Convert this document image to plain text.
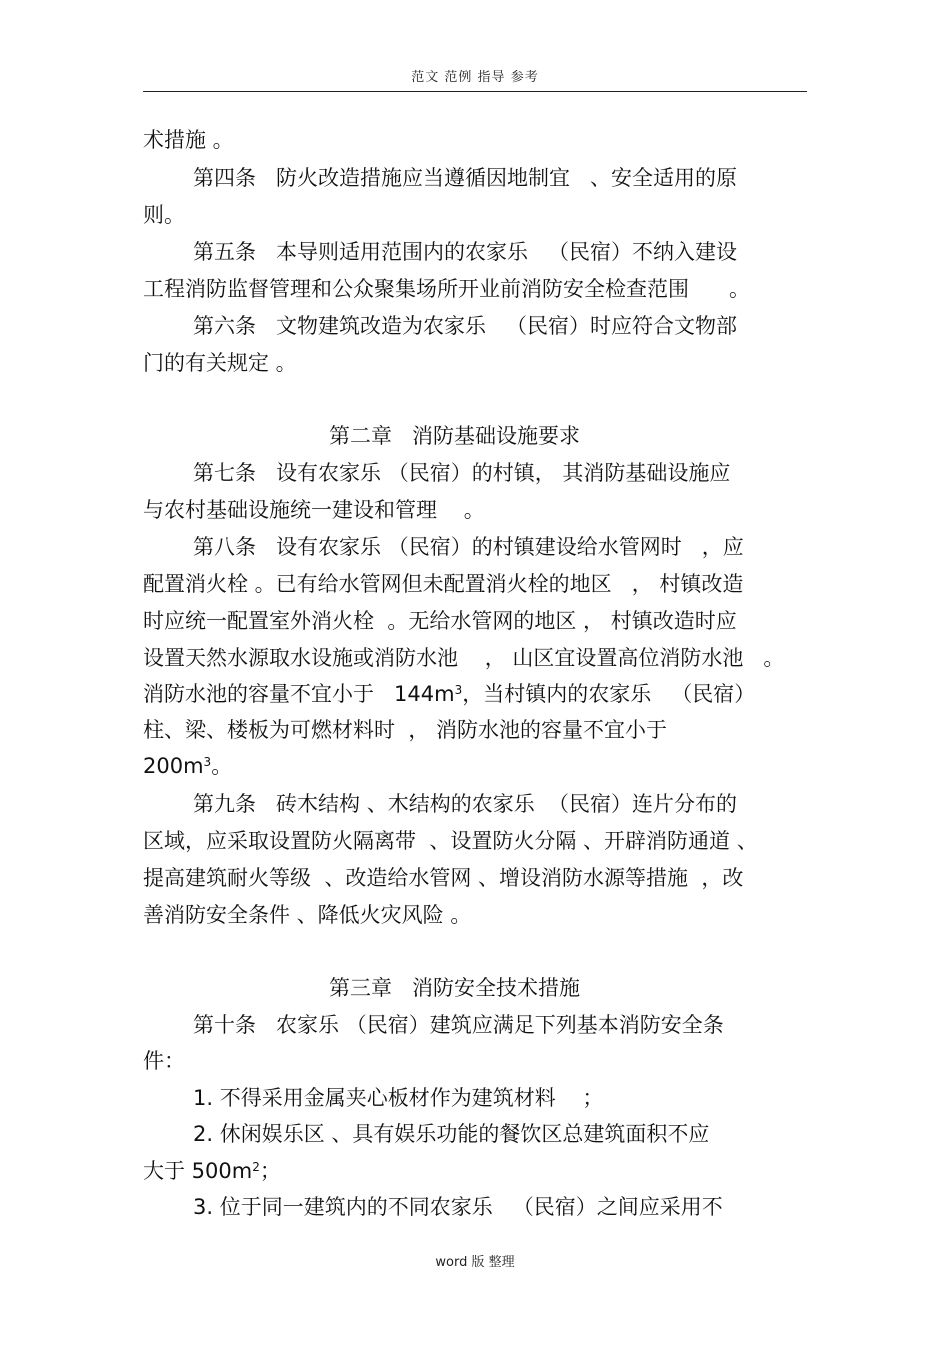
范文 范例 指导 参考
术措施 。
第四条   防火改造措施应当遵循因地制宜   、安全适用的原
则。
第五条   本导则适用范围内的农家乐   （民宿）不纳入建设
工程消防监督管理和公众聚集场所开业前消防安全检查范围      。
第六条   文物建筑改造为农家乐   （民宿）时应符合文物部
门的有关规定 。
第二章   消防基础设施要求
第七条   设有农家乐 （民宿）的村镇， 其消防基础设施应
与农村基础设施统一建设和管理    。
第八条   设有农家乐 （民宿）的村镇建设给水管网时   ，应
配置消火栓 。已有给水管网但未配置消火栓的地区   ， 村镇改造
时应统一配置室外消火栓  。无给水管网的地区 ， 村镇改造时应
设置天然水源取水设施或消防水池    ， 山区宜设置高位消防水池   。
消防水池的容量不宜小于   $144m^3$，当村镇内的农家乐   （民宿）
柱、梁、楼板为可燃材料时  ， 消防水池的容量不宜小于
$200m^3$。
第九条   砖木结构 、木结构的农家乐  （民宿）连片分布的
区域，应采取设置防火隔离带  、设置防火分隔 、开辟消防通道 、
提高建筑耐火等级  、改造给水管网 、增设消防水源等措施  ，改
善消防安全条件 、降低火灾风险 。
第三章   消防安全技术措施
第十条   农家乐 （民宿）建筑应满足下列基本消防安全条
件：
1. 不得采用金属夹心板材作为建筑材料    ；
2. 休闲娱乐区 、具有娱乐功能的餐饮区总建筑面积不应
大于 $500m^2$；
3. 位于同一建筑内的不同农家乐   （民宿）之间应采用不
word 版 整理
